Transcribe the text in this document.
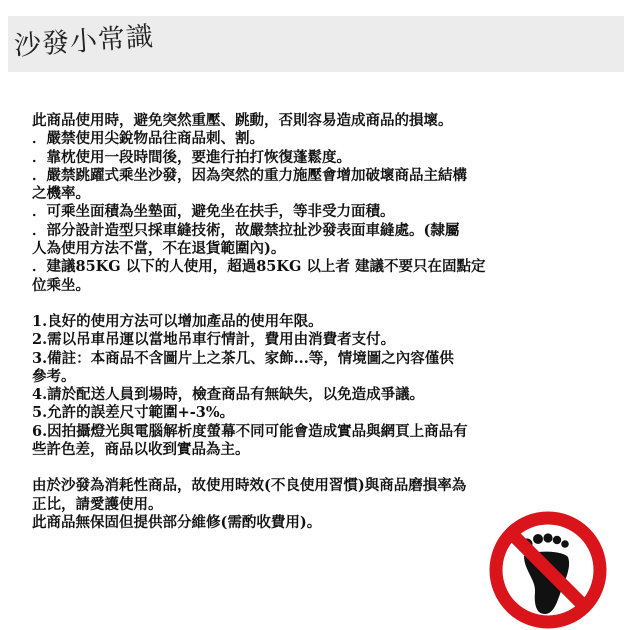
沙發小常識
此商品使用時，避免突然重壓、跳動，否則容易造成商品的損壞。
．嚴禁使用尖銳物品往商品刺、割。
．靠枕使用一段時間後，要進行拍打恢復蓬鬆度。
．嚴禁跳躍式乘坐沙發，因為突然的重力施壓會增加破壞商品主結構
之機率。
．可乘坐面積為坐墊面，避免坐在扶手，等非受力面積。
．部分設計造型只採車縫技術，故嚴禁拉扯沙發表面車縫處。(隸屬
人為使用方法不當，不在退貨範圍內)。
．建議85KG 以下的人使用，超過85KG 以上者 建議不要只在固點定
位乘坐。
1.良好的使用方法可以增加產品的使用年限。
2.需以吊車吊運以當地吊車行情計，費用由消費者支付。
3.備註：本商品不含圖片上之茶几、家飾...等，情境圖之內容僅供
參考。
4.請於配送人員到場時，檢查商品有無缺失，以免造成爭議。
5.允許的誤差尺寸範圍+-3%。
6.因拍攝燈光與電腦解析度螢幕不同可能會造成實品與網頁上商品有
些許色差，商品以收到實品為主。
由於沙發為消耗性商品，故使用時效(不良使用習慣)與商品磨損率為
正比，請愛護使用。
此商品無保固但提供部分維修(需酌收費用)。
